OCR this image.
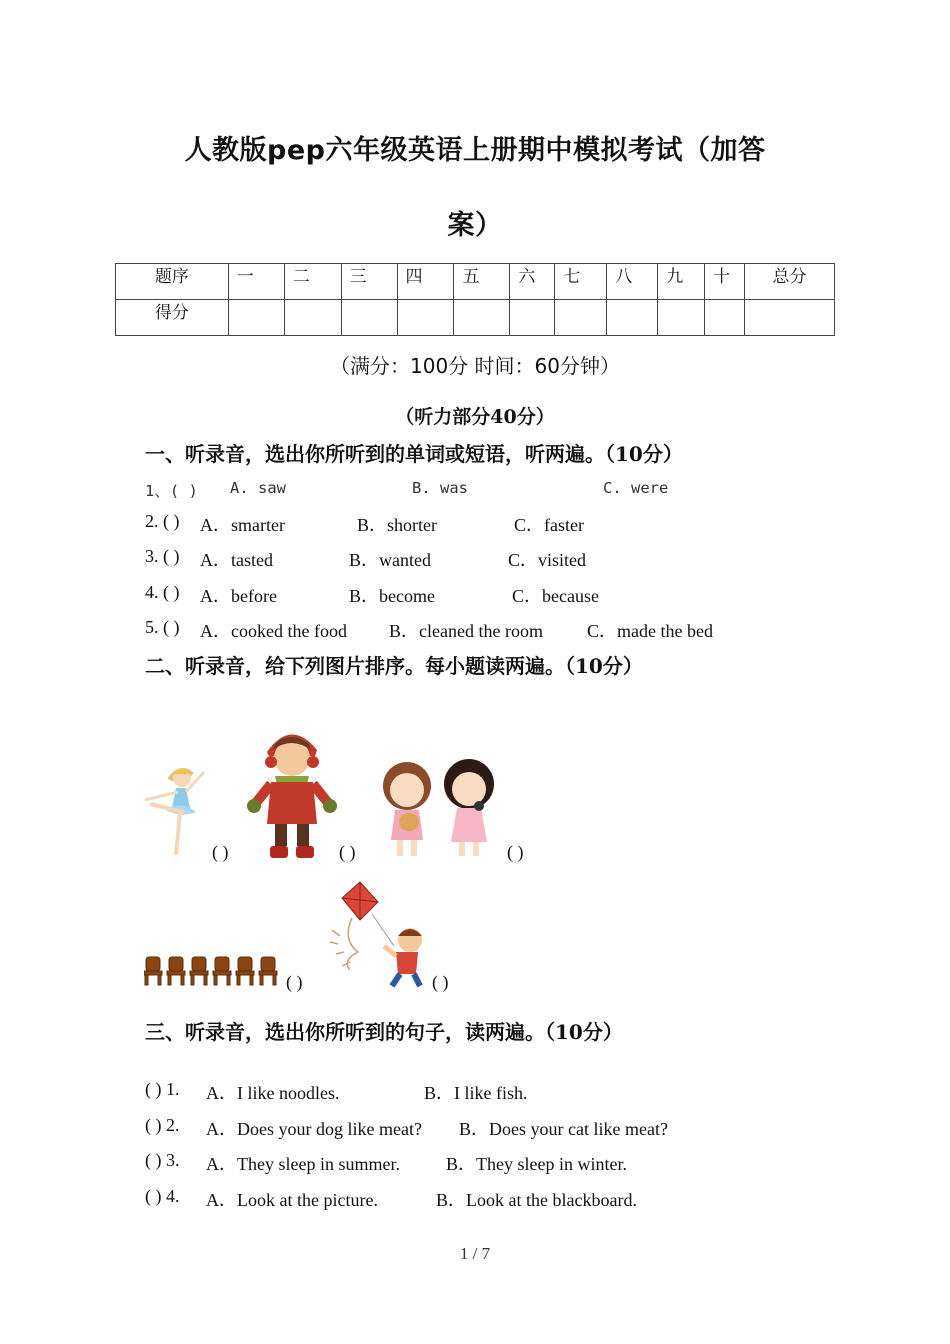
人教版pep六年级英语上册期中模拟考试（加答
案）
题序	一	二	三	四	五	六	七	八	九	十	总分
得分											
（满分：100分 时间：60分钟）
（听力部分40分）
一、听录音，选出你所听到的单词或短语，听两遍。（10分）
1、( ) A. saw	B. was	C. were
2. ( ) A．smarter	B．shorter	C．faster
3. ( ) A．tasted	B．wanted	C．visited
4. ( ) A．before	B．become	C．because
5. ( ) A．cooked the food B．cleaned the room C．made the bed
二、听录音，给下列图片排序。每小题读两遍。（10分）
( )	( )	( )
( )	( )
三、听录音，选出你所听到的句子，读两遍。（10分）
( ) 1. A．I like noodles.	B．I like fish.
( ) 2. A．Does your dog like meat? B．Does your cat like meat?
( ) 3. A．They sleep in summer.	B．They sleep in winter.
( ) 4. A．Look at the picture.	B．Look at the blackboard.
1 / 7
